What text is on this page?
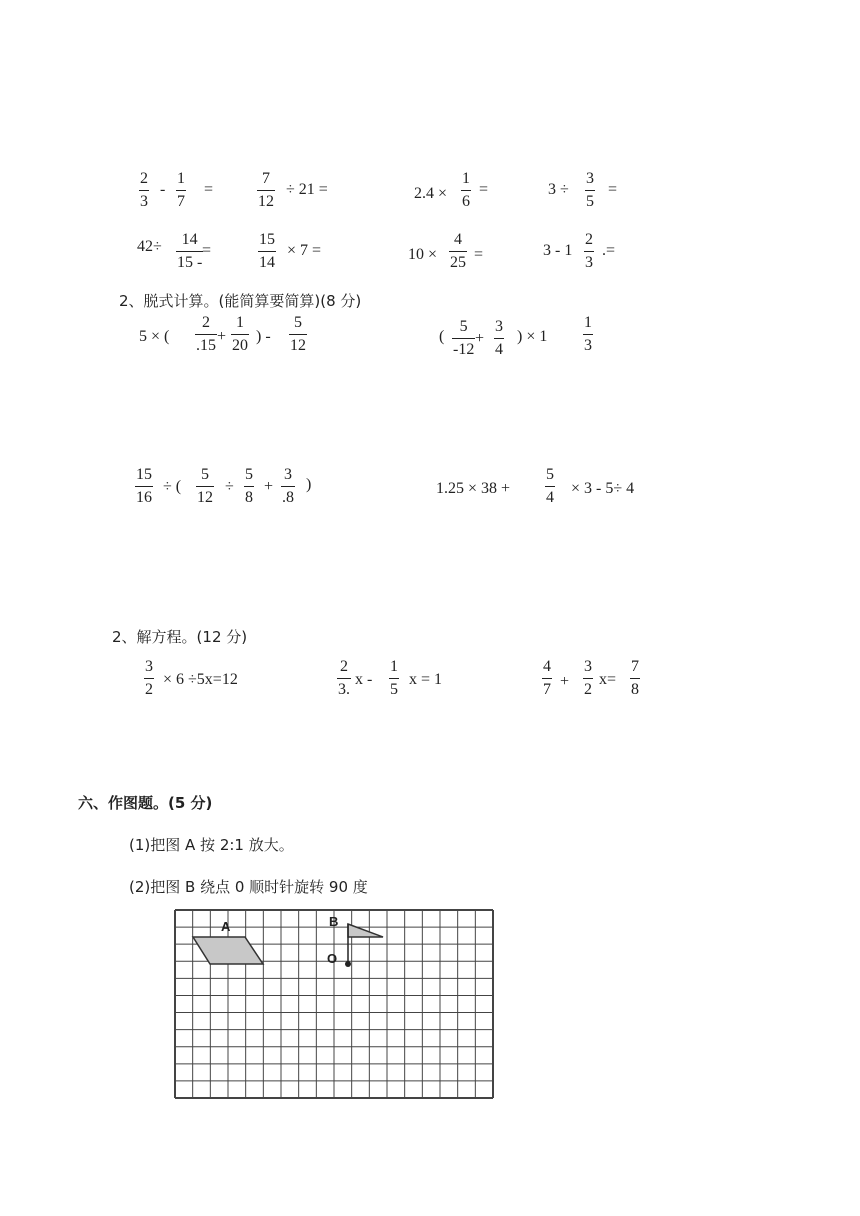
2
3
-
1
7
=
7
12
÷ 21 =	2.4 ×
1
6
=	3 ÷
3
5
=
42÷ 14
15 -
=
15
14
× 7 =	10 ×
4
25 =	3 - 1
2
3
.=
2、脱式计算。(能简算要简算)(8 分)
5 × (
2
.15
+
1
20
) -
5
12
(
5
-12
+
3
4
) × 1
1
3
15
16
÷ (
5
12
÷
5
8
+
3
.8
)	1.25 × 38 +
5
4
× 3 - 5÷ 4
2、解方程。(12 分)
3
2
× 6 ÷5x=12
2
3.
x -
1
5
x = 1
4
7 +
3
2
x=
7
8
六、作图题。(5 分)
(1)把图 A 按 2:1 放大。
(2)把图 B 绕点 0 顺时针旋转 90 度
A	B
O
